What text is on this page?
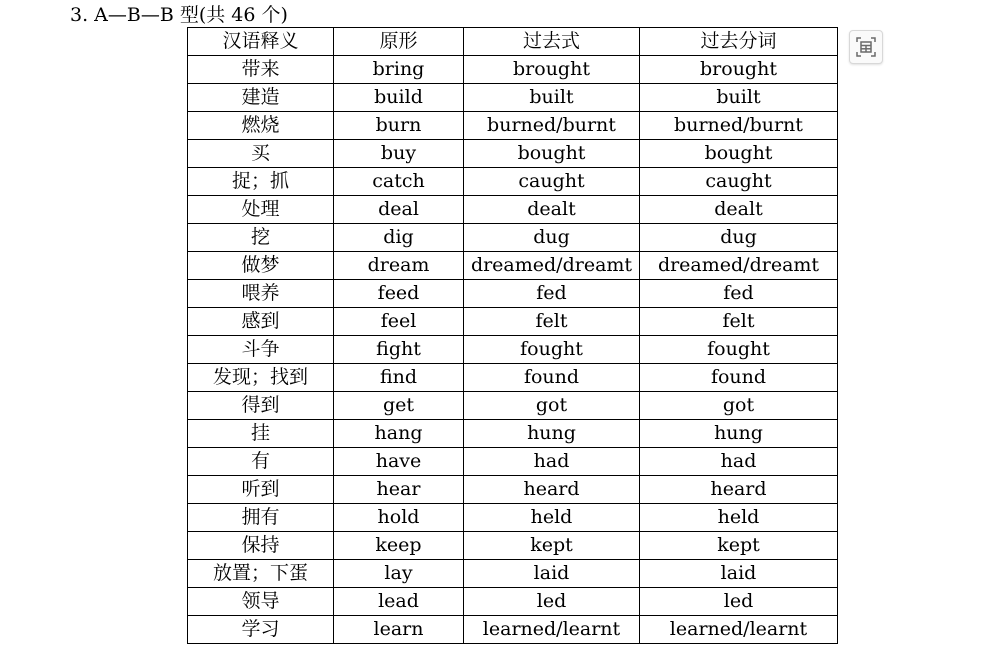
3. A—B—B 型(共 46 个)
汉语释义	原形	过去式	过去分词
带来	bring	brought	brought
建造	build	built	built
燃烧	burn	burned/burnt	burned/burnt
买	buy	bought	bought
捉；抓	catch	caught	caught
处理	deal	dealt	dealt
挖	dig	dug	dug
做梦	dream	dreamed/dreamt	dreamed/dreamt
喂养	feed	fed	fed
感到	feel	felt	felt
斗争	fight	fought	fought
发现；找到	find	found	found
得到	get	got	got
挂	hang	hung	hung
有	have	had	had
听到	hear	heard	heard
拥有	hold	held	held
保持	keep	kept	kept
放置；下蛋	lay	laid	laid
领导	lead	led	led
学习	learn	learned/learnt	learned/learnt
